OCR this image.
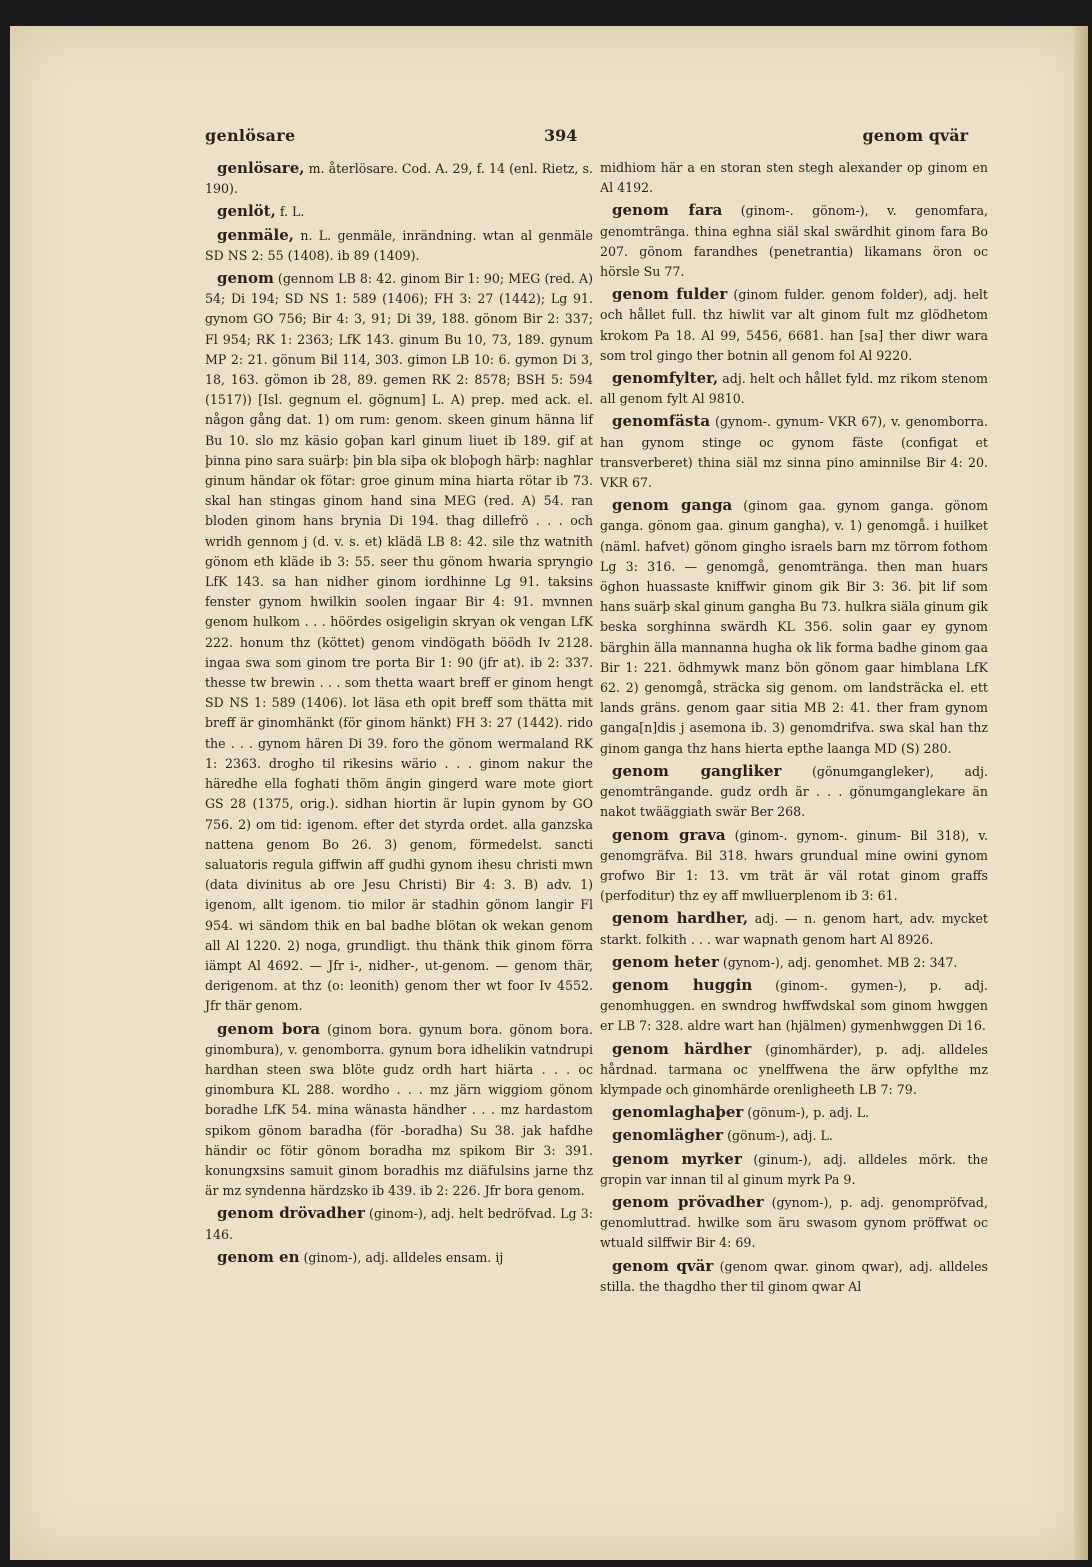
genlösare	394	genom qvär

genlösare, m. återlösare. Cod. A. 29, f. 14 (enl. Rietz, s. 190).

genlöt, f. L.

genmäle, n. L. genmäle, inrändning. wtan al genmäle SD NS 2: 55 (1408). ib 89 (1409).

genom (gennom LB 8: 42. ginom Bir 1: 90; MEG (red. A) 54; Di 194; SD NS 1: 589 (1406); FH 3: 27 (1442); Lg 91. gynom GO 756; Bir 4: 3, 91; Di 39, 188. gönom Bir 2: 337; Fl 954; RK 1: 2363; LfK 143. ginum Bu 10, 73, 189. gynum MP 2: 21. gönum Bil 114, 303. gimon LB 10: 6. gymon Di 3, 18, 163. gömon ib 28, 89. gemen RK 2: 8578; BSH 5: 594 (1517)) [Isl. gegnum el. gögnum] L. A) prep. med ack. el. någon gång dat. 1) om rum: genom. skeen ginum hänna lif Bu 10. slo mz käsio goþan karl ginum liuet ib 189. gif at þinna pino sara suärþ: þin bla siþa ok bloþogh härþ: naghlar ginum händar ok fötar: groe ginum mina hiarta rötar ib 73. skal han stingas ginom hand sina MEG (red. A) 54. ran bloden ginom hans brynia Di 194. thag dillefrö . . . och wridh gennom j (d. v. s. et) klädä LB 8: 42. sile thz watnith gönom eth kläde ib 3: 55. seer thu gönom hwaria spryngio LfK 143. sa han nidher ginom iordhinne Lg 91. taksins fenster gynom hwilkin soolen ingaar Bir 4: 91. mvnnen genom hulkom . . . höördes osigeligin skryan ok vengan LfK 222. honum thz (köttet) genom vindögath böödh Iv 2128. ingaa swa som ginom tre porta Bir 1: 90 (jfr at). ib 2: 337. thesse tw brewin . . . som thetta waart breff er ginom hengt SD NS 1: 589 (1406). lot läsa eth opit breff som thätta mit breff är ginomhänkt (för ginom hänkt) FH 3: 27 (1442). rido the . . . gynom hären Di 39. foro the gönom wermaland RK 1: 2363. drogho til rikesins wärio . . . ginom nakur the häredhe ella foghati thöm ängin gingerd ware mote giort GS 28 (1375, orig.). sidhan hiortin är lupin gynom by GO 756. 2) om tid: igenom. efter det styrda ordet. alla ganzska nattena genom Bo 26. 3) genom, förmedelst. sancti saluatoris regula giffwin aff gudhi gynom ihesu christi mwn (data divinitus ab ore Jesu Christi) Bir 4: 3. B) adv. 1) igenom, allt igenom. tio milor är stadhin gönom langir Fl 954. wi sändom thik en bal badhe blötan ok wekan genom all Al 1220. 2) noga, grundligt. thu thänk thik ginom förra iämpt Al 4692. — Jfr i-, nidher-, ut-genom. — genom thär, derigenom. at thz (o: leonith) genom ther wt foor Iv 4552. Jfr thär genom.

genom bora (ginom bora. gynum bora. gönom bora. ginombura), v. genomborra. gynum bora idhelikin vatndrupi hardhan steen swa blöte gudz ordh hart hiärta . . . oc ginombura KL 288. wordho . . . mz järn wiggiom gönom boradhe LfK 54. mina wänasta händher . . . mz hardastom spikom gönom baradha (för -boradha) Su 38. jak hafdhe händir oc fötir gönom boradha mz spikom Bir 3: 391. konungxsins samuit ginom boradhis mz diäfulsins jarne thz är mz syndenna härdzsko ib 439. ib 2: 226. Jfr bora genom.

genom drövadher (ginom-), adj. helt bedröfvad. Lg 3: 146.

genom en (ginom-), adj. alldeles ensam. ij

midhiom här a en storan sten stegh alexander op ginom en Al 4192.

genom fara (ginom-. gönom-), v. genomfara, genomtränga. thina eghna siäl skal swärdhit ginom fara Bo 207. gönom farandhes (penetrantia) likamans öron oc hörsle Su 77.

genom fulder (ginom fulder. genom folder), adj. helt och hållet full. thz hiwlit var alt ginom fult mz glödhetom krokom Pa 18. Al 99, 5456, 6681. han [sa] ther diwr wara som trol gingo ther botnin all genom fol Al 9220.

genomfylter, adj. helt och hållet fyld. mz rikom stenom all genom fylt Al 9810.

genomfästa (gynom-. gynum- VKR 67), v. genomborra. han gynom stinge oc gynom fäste (configat et transverberet) thina siäl mz sinna pino aminnilse Bir 4: 20. VKR 67.

genom ganga (ginom gaa. gynom ganga. gönom ganga. gönom gaa. ginum gangha), v. 1) genomgå. i huilket (näml. hafvet) gönom gingho israels barn mz törrom fothom Lg 3: 316. — genomgå, genomtränga. then man huars öghon huassaste kniffwir ginom gik Bir 3: 36. þit lif som hans suärþ skal ginum gangha Bu 73. hulkra siäla ginum gik beska sorghinna swärdh KL 356. solin gaar ey gynom bärghin älla mannanna hugha ok lik forma badhe ginom gaa Bir 1: 221. ödhmywk manz bön gönom gaar himblana LfK 62. 2) genomgå, sträcka sig genom. om landsträcka el. ett lands gräns. genom gaar sitia MB 2: 41. ther fram gynom ganga[n]dis j asemona ib. 3) genomdrifva. swa skal han thz ginom ganga thz hans hierta epthe laanga MD (S) 280.

genom gangliker (gönumgangleker), adj. genomträngande. gudz ordh är . . . gönumganglekare än nakot twääggiath swär Ber 268.

genom grava (ginom-. gynom-. ginum- Bil 318), v. genomgräfva. Bil 318. hwars grundual mine owini gynom grofwo Bir 1: 13. vm trät är väl rotat ginom graffs (perfoditur) thz ey aff mwlluerplenom ib 3: 61.

genom hardher, adj. — n. genom hart, adv. mycket starkt. folkith . . . war wapnath genom hart Al 8926.

genom heter (gynom-), adj. genomhet. MB 2: 347.

genom huggin (ginom-. gymen-), p. adj. genomhuggen. en swndrog hwffwdskal som ginom hwggen er LB 7: 328. aldre wart han (hjälmen) gymenhwggen Di 16.

genom härdher (ginomhärder), p. adj. alldeles hårdnad. tarmana oc ynelffwena the ärw opfylthe mz klympade och ginomhärde orenligheeth LB 7: 79.

genomlaghaþer (gönum-), p. adj. L.

genomlägher (gönum-), adj. L.

genom myrker (ginum-), adj. alldeles mörk. the gropin var innan til al ginum myrk Pa 9.

genom prövadher (gynom-), p. adj. genompröfvad, genomluttrad. hwilke som äru swasom gynom pröffwat oc wtuald silffwir Bir 4: 69.

genom qvär (genom qwar. ginom qwar), adj. alldeles stilla. the thagdho ther til ginom qwar Al
